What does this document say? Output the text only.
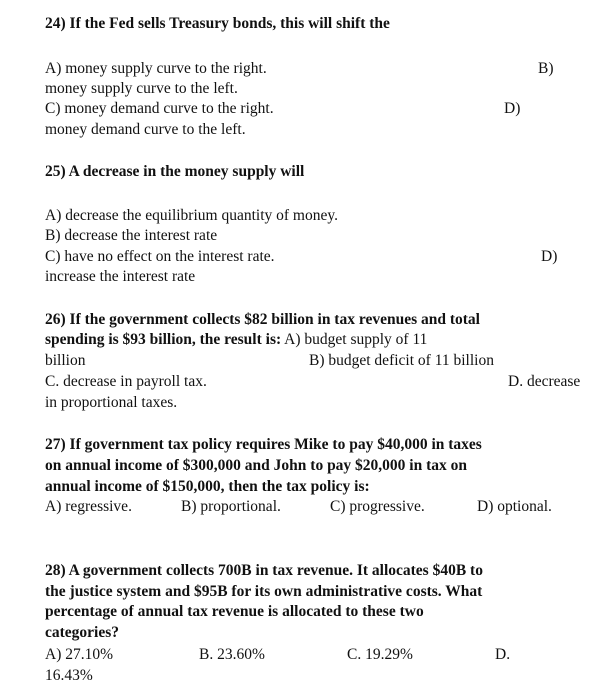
24) If the Fed sells Treasury bonds, this will shift the
A) money supply curve to the right.	B)
money supply curve to the left.
C) money demand curve to the right.	D)
money demand curve to the left.
25) A decrease in the money supply will
A) decrease the equilibrium quantity of money.
B) decrease the interest rate
C) have no effect on the interest rate.	D)
increase the interest rate
26) If the government collects $82 billion in tax revenues and total
spending is $93 billion, the result is: A) budget supply of 11
billion	B) budget deficit of 11 billion
C. decrease in payroll tax.	D. decrease
in proportional taxes.
27) If government tax policy requires Mike to pay $40,000 in taxes
on annual income of $300,000 and John to pay $20,000 in tax on
annual income of $150,000, then the tax policy is:
A) regressive.	B) proportional.	C) progressive.	D) optional.
28) A government collects 700B in tax revenue. It allocates $40B to
the justice system and $95B for its own administrative costs. What
percentage of annual tax revenue is allocated to these two
categories?
A) 27.10%	B. 23.60%	C. 19.29%	D.
16.43%
